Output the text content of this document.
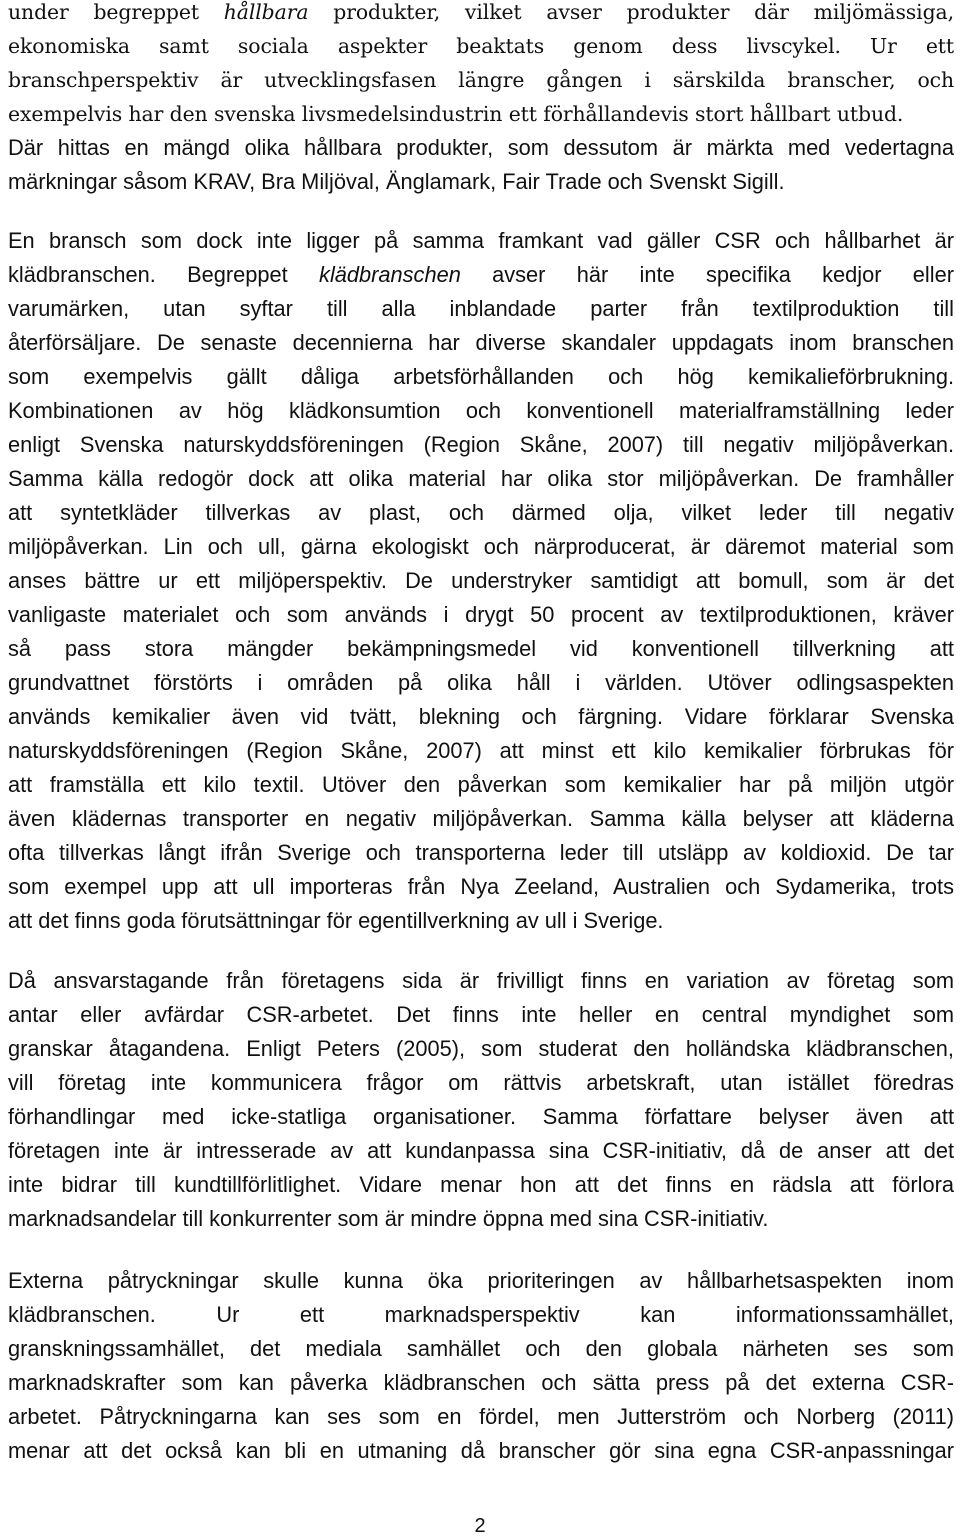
under begreppet hållbara produkter, vilket avser produkter där miljömässiga,
ekonomiska samt sociala aspekter beaktats genom dess livscykel. Ur ett
branschperspektiv är utvecklingsfasen längre gången i särskilda branscher, och
exempelvis har den svenska livsmedelsindustrin ett förhållandevis stort hållbart utbud.
Där hittas en mängd olika hållbara produkter, som dessutom är märkta med vedertagna
märkningar såsom KRAV, Bra Miljöval, Änglamark, Fair Trade och Svenskt Sigill.

En bransch som dock inte ligger på samma framkant vad gäller CSR och hållbarhet är
klädbranschen. Begreppet klädbranschen avser här inte specifika kedjor eller
varumärken, utan syftar till alla inblandade parter från textilproduktion till
återförsäljare. De senaste decennierna har diverse skandaler uppdagats inom branschen
som exempelvis gällt dåliga arbetsförhållanden och hög kemikalieförbrukning.
Kombinationen av hög klädkonsumtion och konventionell materialframställning leder
enligt Svenska naturskyddsföreningen (Region Skåne, 2007) till negativ miljöpåverkan.
Samma källa redogör dock att olika material har olika stor miljöpåverkan. De framhåller
att syntetkläder tillverkas av plast, och därmed olja, vilket leder till negativ
miljöpåverkan. Lin och ull, gärna ekologiskt och närproducerat, är däremot material som
anses bättre ur ett miljöperspektiv. De understryker samtidigt att bomull, som är det
vanligaste materialet och som används i drygt 50 procent av textilproduktionen, kräver
så pass stora mängder bekämpningsmedel vid konventionell tillverkning att
grundvattnet förstörts i områden på olika håll i världen. Utöver odlingsaspekten
används kemikalier även vid tvätt, blekning och färgning. Vidare förklarar Svenska
naturskyddsföreningen (Region Skåne, 2007) att minst ett kilo kemikalier förbrukas för
att framställa ett kilo textil. Utöver den påverkan som kemikalier har på miljön utgör
även klädernas transporter en negativ miljöpåverkan. Samma källa belyser att kläderna
ofta tillverkas långt ifrån Sverige och transporterna leder till utsläpp av koldioxid. De tar
som exempel upp att ull importeras från Nya Zeeland, Australien och Sydamerika, trots
att det finns goda förutsättningar för egentillverkning av ull i Sverige.

Då ansvarstagande från företagens sida är frivilligt finns en variation av företag som
antar eller avfärdar CSR-arbetet. Det finns inte heller en central myndighet som
granskar åtagandena. Enligt Peters (2005), som studerat den holländska klädbranschen,
vill företag inte kommunicera frågor om rättvis arbetskraft, utan istället föredras
förhandlingar med icke-statliga organisationer. Samma författare belyser även att
företagen inte är intresserade av att kundanpassa sina CSR-initiativ, då de anser att det
inte bidrar till kundtillförlitlighet. Vidare menar hon att det finns en rädsla att förlora
marknadsandelar till konkurrenter som är mindre öppna med sina CSR-initiativ.

Externa påtryckningar skulle kunna öka prioriteringen av hållbarhetsaspekten inom
klädbranschen. Ur ett marknadsperspektiv kan informationssamhället,
granskningssamhället, det mediala samhället och den globala närheten ses som
marknadskrafter som kan påverka klädbranschen och sätta press på det externa CSR-
arbetet. Påtryckningarna kan ses som en fördel, men Jutterström och Norberg (2011)
menar att det också kan bli en utmaning då branscher gör sina egna CSR-anpassningar

2
